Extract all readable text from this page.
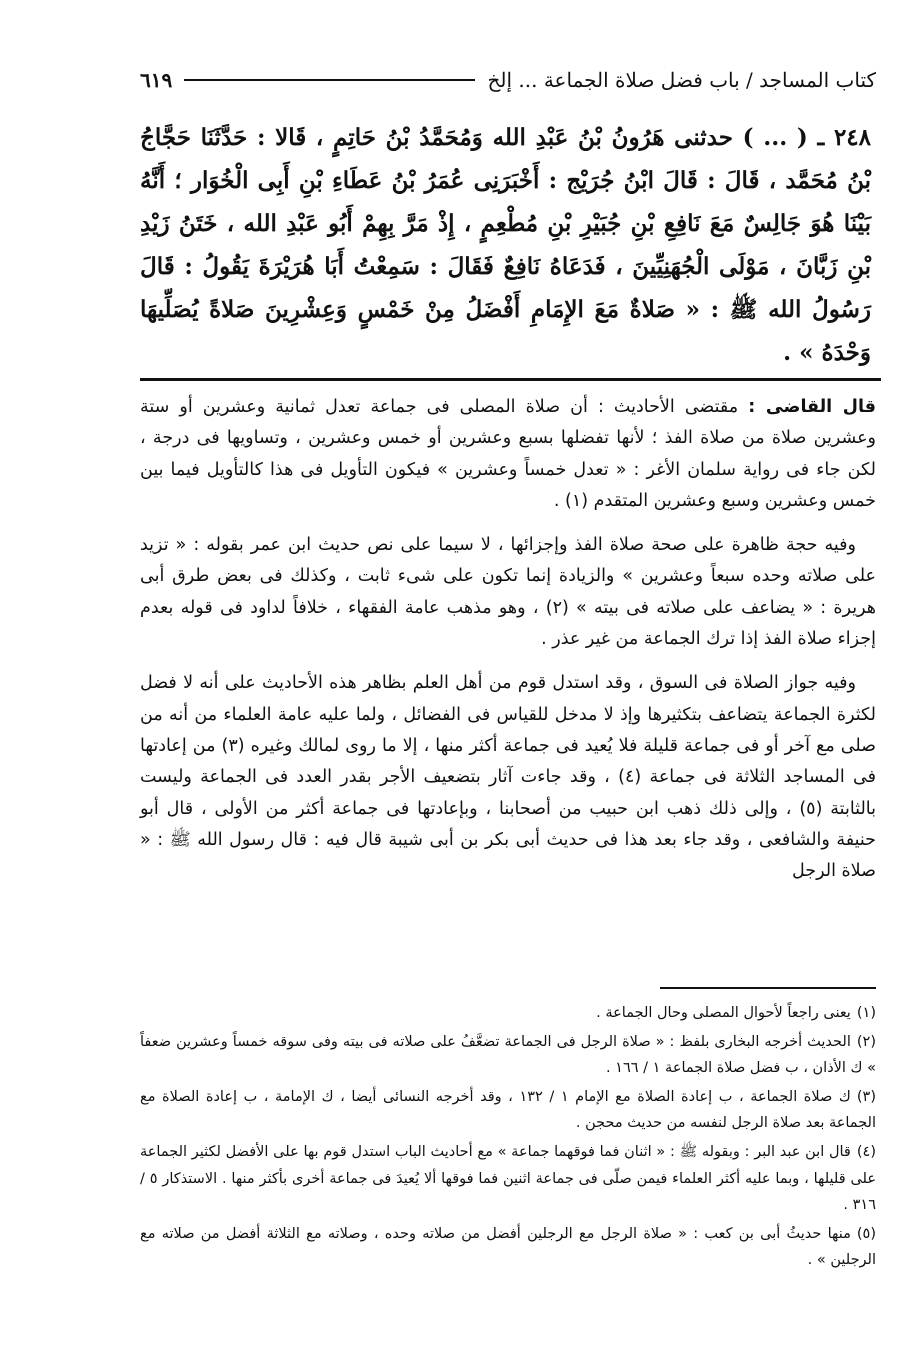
كتاب المساجد / باب فضل صلاة الجماعة ... إلخ
٦١٩
٢٤٨ ـ ( ... ) حدثنى هَرُونُ بْنُ عَبْدِ الله وَمُحَمَّدُ بْنُ حَاتِمٍ ، قَالا : حَدَّثَنَا حَجَّاجُ بْنُ مُحَمَّد ، قَالَ : قَالَ ابْنُ جُرَيْج : أَخْبَرَنِى عُمَرُ بْنُ عَطَاءِ بْنِ أَبِى الْخُوَار ؛ أَنَّهُ بَيْنَا هُوَ جَالِسٌ مَعَ نَافِعِ بْنِ جُبَيْرِ بْنِ مُطْعِمٍ ، إِذْ مَرَّ بِهِمْ أَبُو عَبْدِ الله ، خَتَنُ زَيْدِ بْنِ زَبَّانَ ، مَوْلَى الْجُهَنِيِّينَ ، فَدَعَاهُ نَافِعٌ فَقَالَ : سَمِعْتُ أَبَا هُرَيْرَةَ يَقُولُ : قَالَ رَسُولُ الله ﷺ : « صَلاةٌ مَعَ الإِمَامِ أَفْضَلُ مِنْ خَمْسٍ وَعِشْرِينَ صَلاةً يُصَلِّيهَا وَحْدَهُ » .

قال القاضى : مقتضى الأحاديث : أن صلاة المصلى فى جماعة تعدل ثمانية وعشرين أو ستة وعشرين صلاة من صلاة الفذ ؛ لأنها تفضلها بسبع وعشرين أو خمس وعشرين ، وتساويها فى درجة ، لكن جاء فى رواية سلمان الأغر : « تعدل خمساً وعشرين » فيكون التأويل فى هذا كالتأويل فيما بين خمس وعشرين وسبع وعشرين المتقدم (١) .

وفيه حجة ظاهرة على صحة صلاة الفذ وإجزائها ، لا سيما على نص حديث ابن عمر بقوله : « تزيد على صلاته وحده سبعاً وعشرين » والزيادة إنما تكون على شىء ثابت ، وكذلك فى بعض طرق أبى هريرة : « يضاعف على صلاته فى بيته » (٢) ، وهو مذهب عامة الفقهاء ، خلافاً لداود فى قوله بعدم إجزاء صلاة الفذ إذا ترك الجماعة من غير عذر .

وفيه جواز الصلاة فى السوق ، وقد استدل قوم من أهل العلم بظاهر هذه الأحاديث على أنه لا فضل لكثرة الجماعة يتضاعف بتكثيرها وإذ لا مدخل للقياس فى الفضائل ، ولما عليه عامة العلماء من أنه من صلى مع آخر أو فى جماعة قليلة فلا يُعيد فى جماعة أكثر منها ، إلا ما روى لمالك وغيره (٣) من إعادتها فى المساجد الثلاثة فى جماعة (٤) ، وقد جاءت آثار بتضعيف الأجر بقدر العدد فى الجماعة وليست بالثابتة (٥) ، وإلى ذلك ذهب ابن حبيب من أصحابنا ، وبإعادتها فى جماعة أكثر من الأولى ، قال أبو حنيفة والشافعى ، وقد جاء بعد هذا فى حديث أبى بكر بن أبى شيبة قال فيه : قال رسول الله ﷺ : « صلاة الرجل

(١)يعنى راجعاً لأحوال المصلى وحال الجماعة .
(٢)الحديث أخرجه البخارى بلفظ : « صلاة الرجل فى الجماعة تضعَّفُ على صلاته فى بيته وفى سوقه خمساً وعشرين ضعفاً » ك الأذان ، ب فضل صلاة الجماعة ١ / ١٦٦ .
(٣)ك صلاة الجماعة ، ب إعادة الصلاة مع الإمام ١ / ١٣٢ ، وقد أخرجه النسائى أيضا ، ك الإمامة ، ب إعادة الصلاة مع الجماعة بعد صلاة الرجل لنفسه من حديث محجن .
(٤)قال ابن عبد البر : وبقوله ﷺ : « اثنان فما فوقهما جماعة » مع أحاديث الباب استدل قوم بها على الأفضل لكثير الجماعة على قليلها ، وبما عليه أكثر العلماء فيمن صلّى فى جماعة اثنين فما فوقها ألا يُعيدَ فى جماعة أخرى بأكثر منها . الاستذكار ٥ / ٣١٦ .
(٥)منها حديثُ أبى بن كعب : « صلاة الرجل مع الرجلين أفضل من صلاته وحده ، وصلاته مع الثلاثة أفضل من صلاته مع الرجلين » .
